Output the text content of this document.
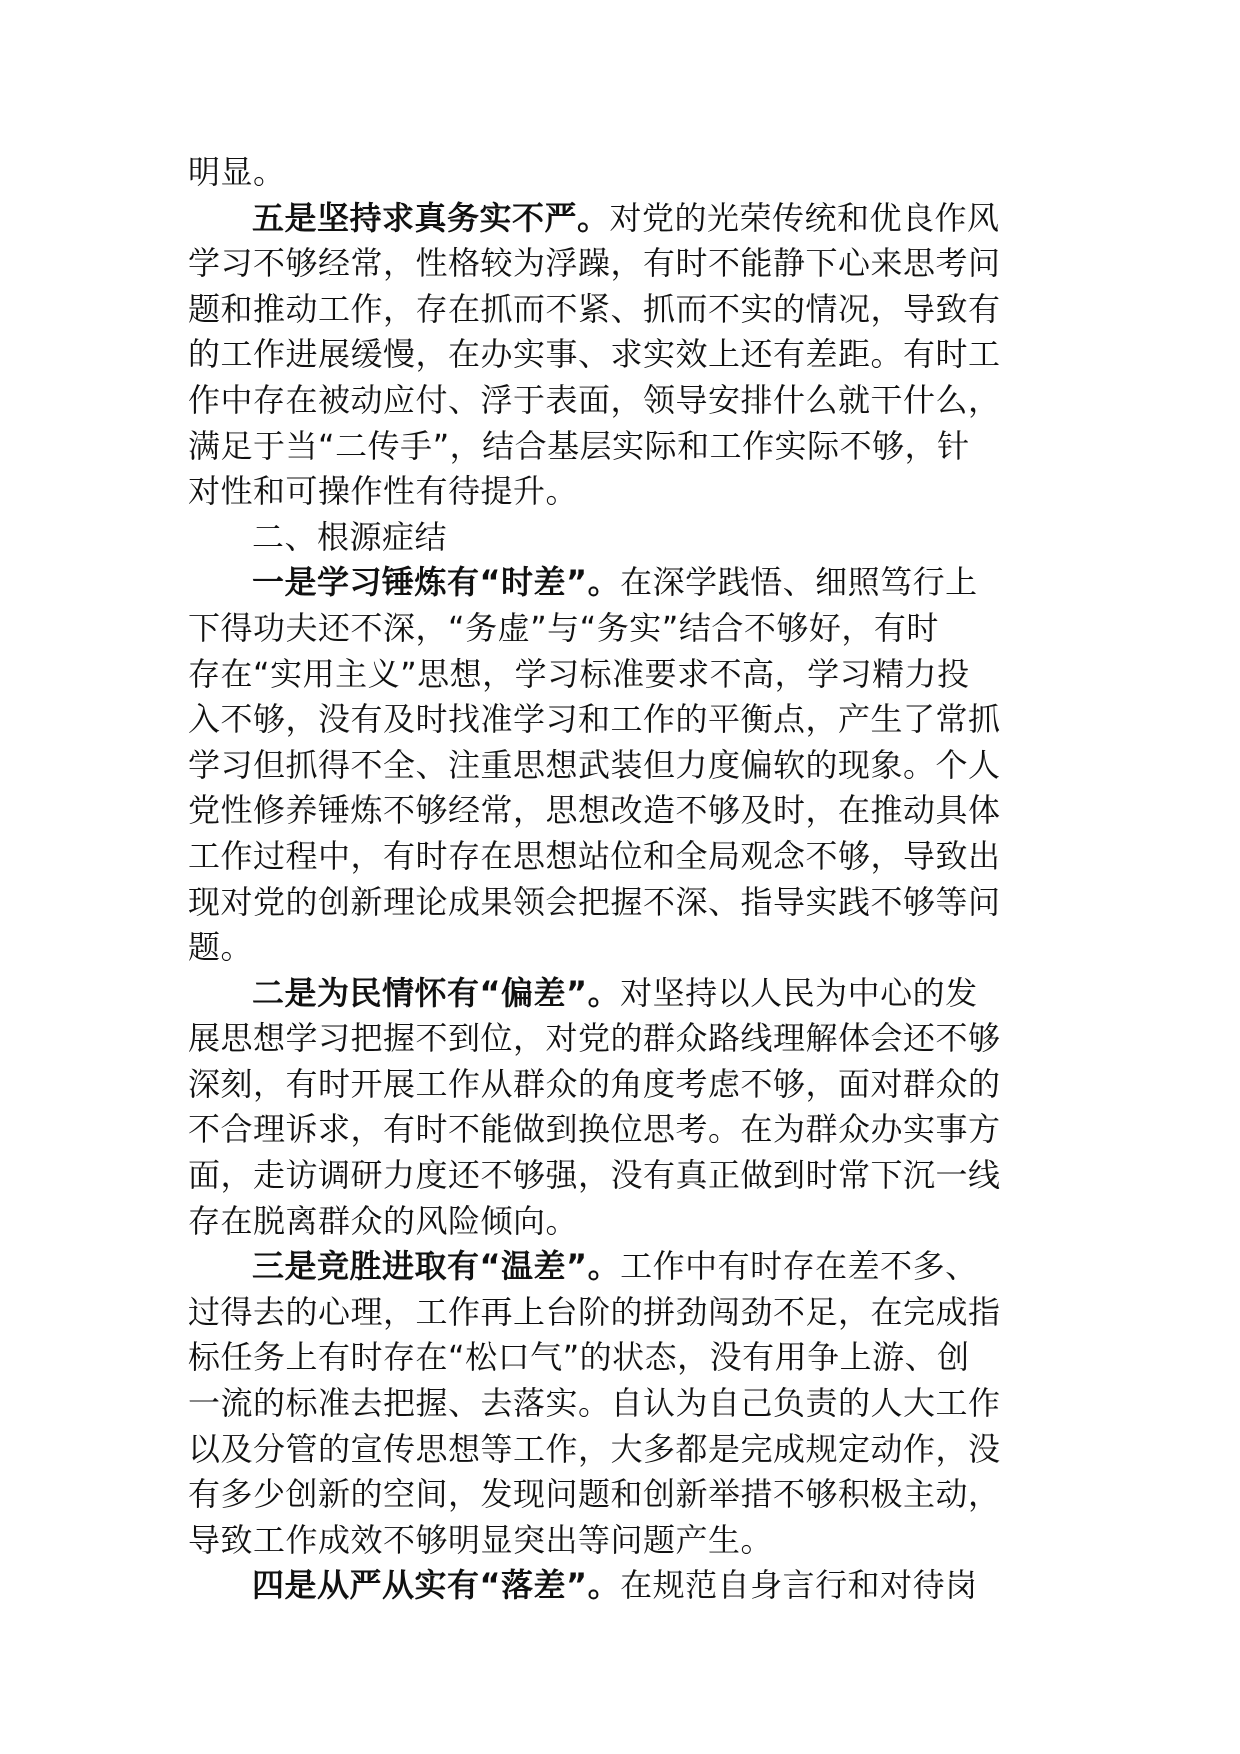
明显。
五是坚持求真务实不严。对党的光荣传统和优良作风
学习不够经常，性格较为浮躁，有时不能静下心来思考问
题和推动工作，存在抓而不紧、抓而不实的情况，导致有
的工作进展缓慢，在办实事、求实效上还有差距。有时工
作中存在被动应付、浮于表面，领导安排什么就干什么，
满足于当“二传手”，结合基层实际和工作实际不够，针
对性和可操作性有待提升。
二、根源症结
一是学习锤炼有“时差”。在深学践悟、细照笃行上
下得功夫还不深，“务虚”与“务实”结合不够好，有时
存在“实用主义”思想，学习标准要求不高，学习精力投
入不够，没有及时找准学习和工作的平衡点，产生了常抓
学习但抓得不全、注重思想武装但力度偏软的现象。个人
党性修养锤炼不够经常，思想改造不够及时，在推动具体
工作过程中，有时存在思想站位和全局观念不够，导致出
现对党的创新理论成果领会把握不深、指导实践不够等问
题。
二是为民情怀有“偏差”。对坚持以人民为中心的发
展思想学习把握不到位，对党的群众路线理解体会还不够
深刻，有时开展工作从群众的角度考虑不够，面对群众的
不合理诉求，有时不能做到换位思考。在为群众办实事方
面，走访调研力度还不够强，没有真正做到时常下沉一线
存在脱离群众的风险倾向。
三是竞胜进取有“温差”。工作中有时存在差不多、
过得去的心理，工作再上台阶的拼劲闯劲不足，在完成指
标任务上有时存在“松口气”的状态，没有用争上游、创
一流的标准去把握、去落实。自认为自己负责的人大工作
以及分管的宣传思想等工作，大多都是完成规定动作，没
有多少创新的空间，发现问题和创新举措不够积极主动，
导致工作成效不够明显突出等问题产生。
四是从严从实有“落差”。在规范自身言行和对待岗
